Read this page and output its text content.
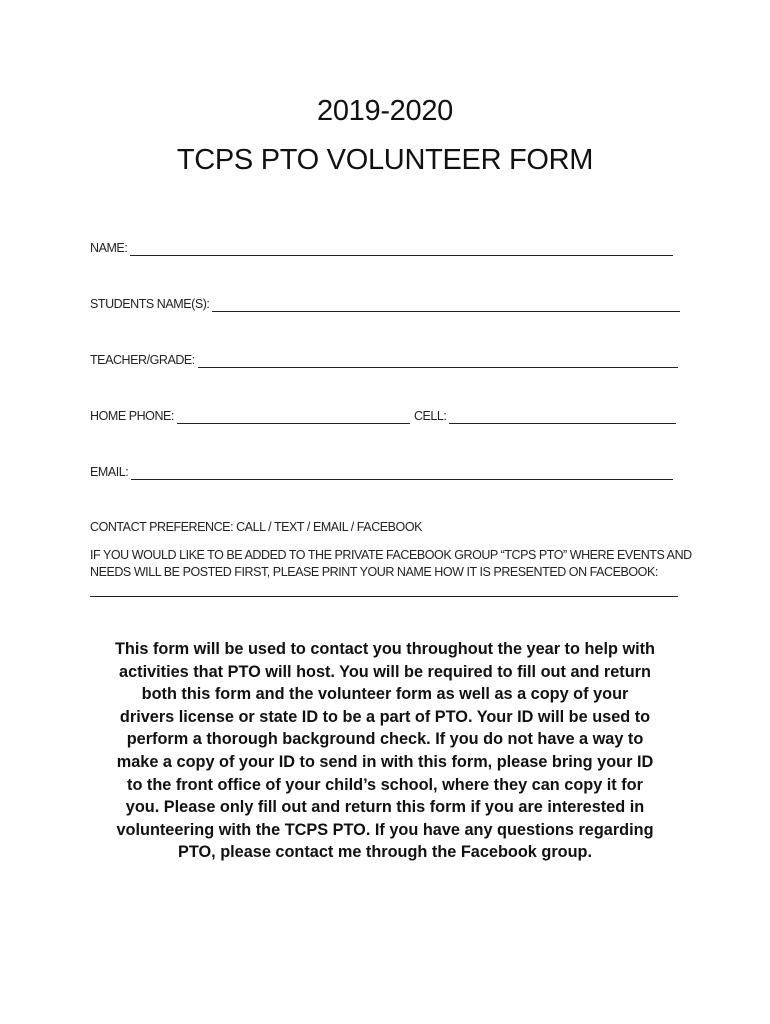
2019-2020
TCPS PTO VOLUNTEER FORM
NAME:
STUDENTS NAME(S):
TEACHER/GRADE:
HOME PHONE:	CELL:
EMAIL:
CONTACT PREFERENCE: CALL / TEXT / EMAIL / FACEBOOK
IF YOU WOULD LIKE TO BE ADDED TO THE PRIVATE FACEBOOK GROUP “TCPS PTO” WHERE EVENTS AND
NEEDS WILL BE POSTED FIRST, PLEASE PRINT YOUR NAME HOW IT IS PRESENTED ON FACEBOOK:
This form will be used to contact you throughout the year to help with
activities that PTO will host. You will be required to fill out and return
both this form and the volunteer form as well as a copy of your
drivers license or state ID to be a part of PTO. Your ID will be used to
perform a thorough background check. If you do not have a way to
make a copy of your ID to send in with this form, please bring your ID
to the front office of your child’s school, where they can copy it for
you. Please only fill out and return this form if you are interested in
volunteering with the TCPS PTO. If you have any questions regarding
PTO, please contact me through the Facebook group.
